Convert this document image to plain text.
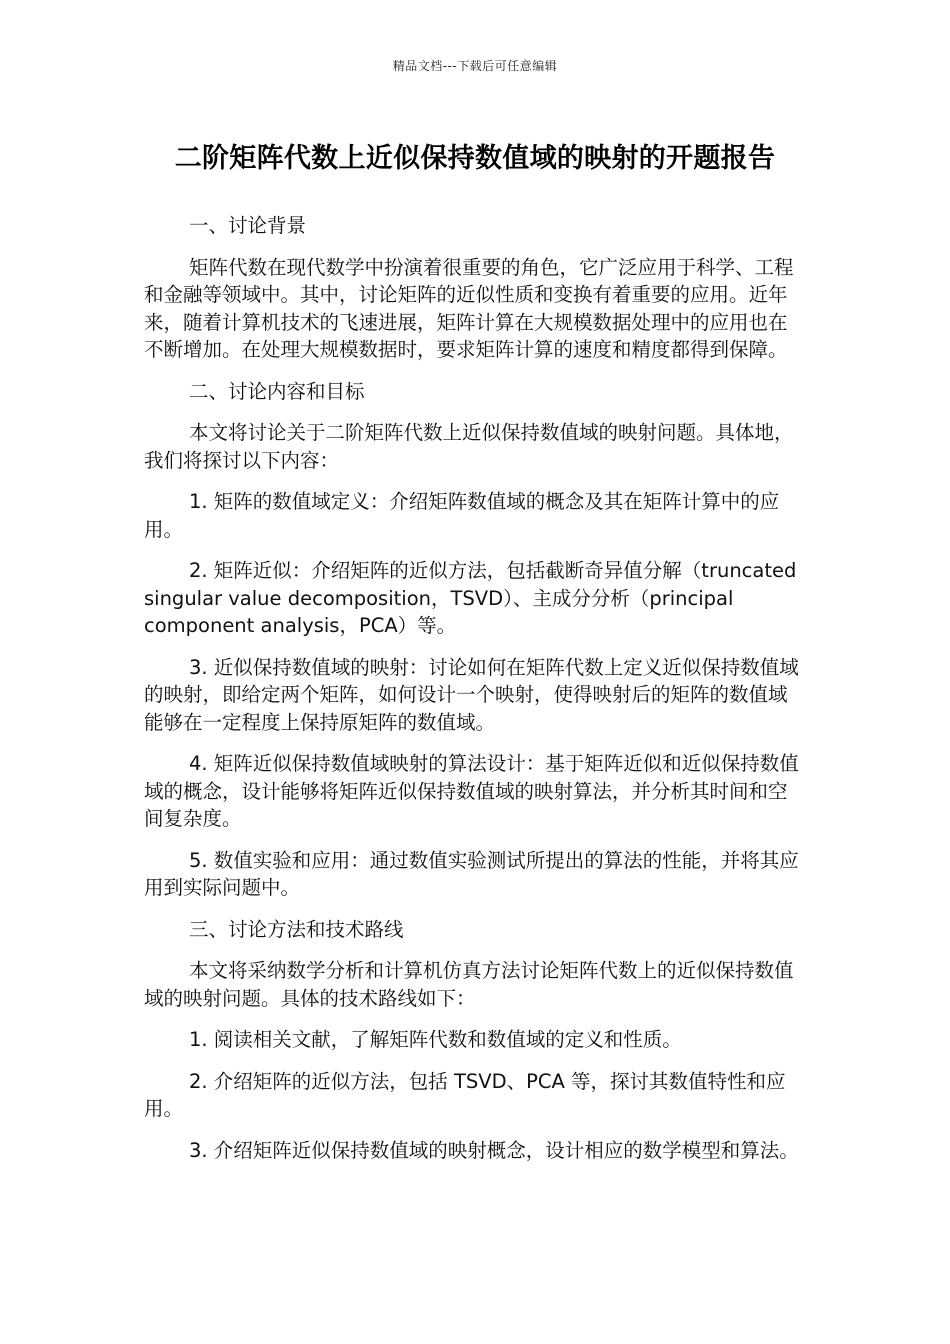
精品文档---下载后可任意编辑
二阶矩阵代数上近似保持数值域的映射的开题报告

一、讨论背景

矩阵代数在现代数学中扮演着很重要的角色，它广泛应用于科学、工程和金融等领域中。其中，讨论矩阵的近似性质和变换有着重要的应用。近年来，随着计算机技术的飞速进展，矩阵计算在大规模数据处理中的应用也在不断增加。在处理大规模数据时，要求矩阵计算的速度和精度都得到保障。

二、讨论内容和目标

本文将讨论关于二阶矩阵代数上近似保持数值域的映射问题。具体地，我们将探讨以下内容：

1. 矩阵的数值域定义：介绍矩阵数值域的概念及其在矩阵计算中的应用。

2. 矩阵近似：介绍矩阵的近似方法，包括截断奇异值分解（truncated singular value decomposition，TSVD）、主成分分析（principal component analysis，PCA）等。

3. 近似保持数值域的映射：讨论如何在矩阵代数上定义近似保持数值域的映射，即给定两个矩阵，如何设计一个映射，使得映射后的矩阵的数值域能够在一定程度上保持原矩阵的数值域。

4. 矩阵近似保持数值域映射的算法设计：基于矩阵近似和近似保持数值域的概念，设计能够将矩阵近似保持数值域的映射算法，并分析其时间和空间复杂度。

5. 数值实验和应用：通过数值实验测试所提出的算法的性能，并将其应用到实际问题中。

三、讨论方法和技术路线

本文将采纳数学分析和计算机仿真方法讨论矩阵代数上的近似保持数值域的映射问题。具体的技术路线如下：

1. 阅读相关文献，了解矩阵代数和数值域的定义和性质。

2. 介绍矩阵的近似方法，包括 TSVD、PCA 等，探讨其数值特性和应用。

3. 介绍矩阵近似保持数值域的映射概念，设计相应的数学模型和算法。
